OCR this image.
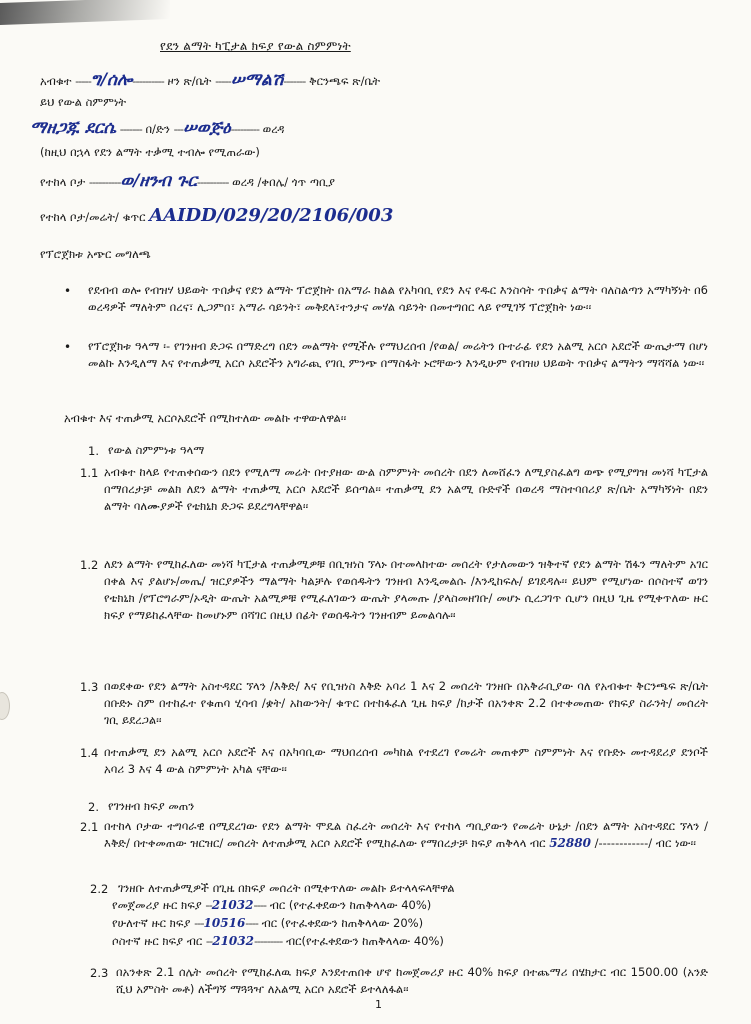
የደን ልማት ካፒታል ክፍያ የውል ስምምነት
አብቁተ -----ግ/ሰሎ---------- ዞን ጽ/ቤት -----ሠማልሽ------- ቅርንጫፍ ጽ/ቤት
ይህ የውል ስምምነት
ማዘጋጁ ደርሴ ------- በ/ድን ---ሠወጅዕ--------- ወረዳ
(ከዚህ በኋላ የደን ልማት ተቃሚ ተብሎ የሚጠራው)
የተከላ ቦታ ----------ወ/ዘንብ ጉር---------- ወረዳ /ቀበሌ/ ጎጥ ጣቢያ
የተከላ ቦታ/መሬት/ ቁጥር AAIDD/029/20/2106/003
የፕሮጀክቱ አጭር መግለጫ
• የደብብ ወሎ የብዝሃ ህይወት ጥበቃና የደን ልማት ፕሮጀክት በአማራ ክልል የአካባቢ የደን እና የዱር እንስሳት ጥበቃና ልማት ባለስልጣን አማካኝነት በ6 ወረዳዎች ማለትም በረና፣ ሊጋምበ፣ አማራ ሳይንት፣ መቅደላ፣ተንታና መሃል ሳይንት በመተግበር ላይ የሚገኝ ፕሮጀክት ነው፡፡
• የፕሮጀክቱ ዓላማ ፡- የገንዘብ ድጋፍ በማድረግ በደን መልማት የሚችሉ የማህረሰብ /የወል/ መሬትን ቡተራፊ የደን አልሚ አርሶ አደሮች ውጤታማ በሆነ መልኩ እንዲለማ እና የተጠቃሚ አርሶ አደሮችን አግራጪ የገቢ ምንጭ በማስፋት ኑሮቸውን እንዲሁም የብዝሀ ህይወት ጥበቃና ልማትን ማሻሻል ነው፡፡
አብቁተ እና ተጠቃሚ አርሶአደሮች በሚከተለው መልኩ ተዋውለዋል፡፡
1. የውል ስምምነቱ ዓላማ
1.1 አብቁተ ከላይ የተጠቀሰውን በደን የሚለማ መሬት በተያዘው ውል ስምምነት መሰረት በደን ለመሸፈን ለሚያስፈልግ ወጭ የሚያግዝ መነሻ ካፒታል በማበረታቻ መልክ ለደን ልማት ተጠቃሚ አርሶ አደሮች ይሰጣል፡፡ ተጠቃሚ ደን አልሚ ቡድኖች በወረዳ ማስተባበሪያ ጽ/ቤት አማካኝነት በደን ልማት ባለሙያዎች የቴክኒክ ድጋፍ ይደረግላቸዋል፡፡
1.2 ለደን ልማት የሚከፈለው መነሻ ካፒታል ተጠቃሚዎቹ በቢዝነስ ኘላኑ በተመላከተው መሰረት የታለመውን ዝቅተኛ የደን ልማት ሽፋን ማለትም አገር በቀል እና ያልሆኑ/መጤ/ ዝርያዎችን ማልማት ካልቻሉ የወሰዱትን ገንዘብ እንዲመልሱ /እንዲከፍሉ/ ይገደዳሉ፡፡ ይህም የሚሆነው በሶስተኛ ወገን የቴክኒክ /የፕሮግራም/ኦዲት ውጤት አልሚዎቹ የሚፈለገውን ውጤት ያላመጡ /ያላስመዘገቡ/ መሆኑ ሲረጋገጥ ሲሆን በዚህ ጊዜ የሚቀጥለው ዙር ክፍያ የማይከፈላቸው ከመሆኑም በሻገር በዚህ በፊት የወሰዱትን ገንዘብም ይመልሳሉ፡፡
1.3 በወደቀው የደን ልማት አስተዳደር ኘላን /እቅድ/ እና የቢዝነስ እቅድ አባሪ 1 እና 2 መሰረት ገንዘቡ በአቅራቢያው ባለ የአብቁተ ቅርንጫፍ ጽ/ቤት በቡድኑ ስም በተከፈተ የቁጠባ ሂሳብ /ቋት/ አከውንት/ ቁጥር በተከፋፈለ ጊዜ ክፍያ /ከታች በአንቀጽ 2.2 በተቀመጠው የክፍያ ስራንት/ መሰረት ገቢ ይደረጋል፡፡
1.4 በተጠቃሚ ደን አልሚ አርሶ አደሮች እና በአካባቢው ማህበረሰብ መካከል የተደረገ የመሬት መጠቀም ስምምነት እና የቡድኑ መተዳደሪያ ደንቦች አባሪ 3 እና 4 ውል ስምምነት አካል ናቸው፡፡
2. የገንዘብ ክፍያ መጠን
2.1 በተከላ ቦታው ተግባራዊ በሚደረገው የደን ልማት ሞዴል ስፈረት መሰረት እና የተከላ ጣቢያውን የመሬት ሁኔታ /በደን ልማት አስተዳደር ኘላን /እቅድ/ በተቀመጠው ዝርዝር/ መሰረት ለተጠቃሚ አርሶ አደሮች የሚከፈለው የማበረታቻ ክፍያ ጠቅላላ ብር 52880 /------------/ ብር ነው፡፡
2.2 ገንዘቡ ለተጠቃሚዎች በጊዜ በክፍያ መሰረት በሚቀጥለው መልኩ ይተላላፍላቸዋል
የመጀመሪያ ዙር ክፍያ --21032---- ብር (የተፈቀደውን ከጠቅላላው 40%)
የሁለተኛ ዙር ክፍያ ---10516---- ብር (የተፈቀደውን ከጠቅላላው 20%)
ሶስተኛ ዙር ክፍያ ብር --21032--------- ብር(የተፈቀደውን ከጠቅላላው 40%)
2.3 በአንቀጽ 2.1 ሰሌት መሰረት የሚከፈለዉ ክፍያ እንደተጠበቀ ሆኖ ከመጀመሪያ ዙር 40% ክፍያ በተጨማሪ በሄክታር ብር 1500.00 (አንድ ሺህ አምስት መቶ) ለችግኝ ማጓጓዣ ለአልሚ አርሶ አደሮች ይተላለፋል፡፡
1
